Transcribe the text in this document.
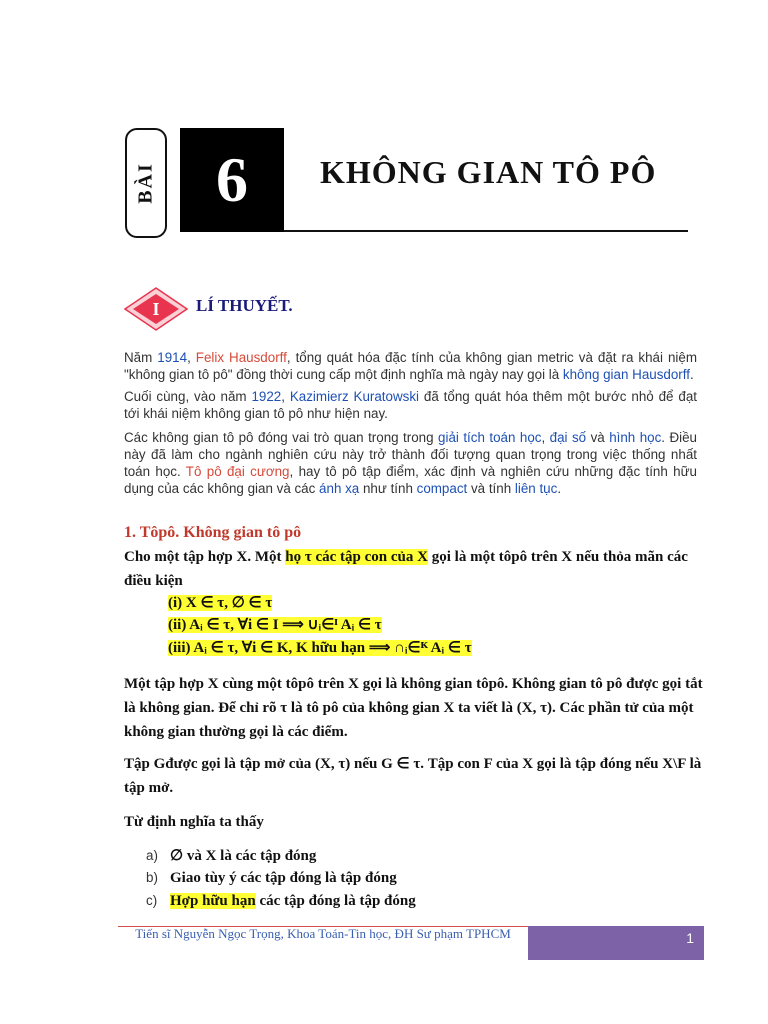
BÀI 6	KHÔNG GIAN TÔ PÔ
I	LÍ THUYẾT.
Năm 1914, Felix Hausdorff, tổng quát hóa đặc tính của không gian metric và đặt ra khái niệm "không gian tô pô" đồng thời cung cấp một định nghĩa mà ngày nay gọi là không gian Hausdorff.
Cuối cùng, vào năm 1922, Kazimierz Kuratowski đã tổng quát hóa thêm một bước nhỏ để đạt tới khái niệm không gian tô pô như hiện nay.
Các không gian tô pô đóng vai trò quan trọng trong giải tích toán học, đại số và hình học. Điều này đã làm cho ngành nghiên cứu này trở thành đối tượng quan trọng trong việc thống nhất toán học. Tô pô đại cương, hay tô pô tập điểm, xác định và nghiên cứu những đặc tính hữu dụng của các không gian và các ánh xạ như tính compact và tính liên tục.
1. Tôpô. Không gian tô pô
Cho một tập hợp X. Một họ τ các tập con của X gọi là một tôpô trên X nếu thỏa mãn các điều kiện
(i) X ∈ τ, ∅ ∈ τ
(ii) Aᵢ ∈ τ, ∀i ∈ I ⟹ ∪ᵢ∈ᴵ Aᵢ ∈ τ
(iii) Aᵢ ∈ τ, ∀i ∈ K, K hữu hạn ⟹ ∩ᵢ∈ᴷ Aᵢ ∈ τ
Một tập hợp X cùng một tôpô trên X gọi là không gian tôpô. Không gian tô pô được gọi tắt là không gian. Để chỉ rõ τ là tô pô của không gian X ta viết là (X, τ). Các phần tử của một không gian thường gọi là các điểm.
Tập Gđược gọi là tập mở của (X, τ) nếu G ∈ τ. Tập con F của X gọi là tập đóng nếu X\F là tập mở.
Từ định nghĩa ta thấy
a) ∅ và X là các tập đóng
b) Giao tùy ý các tập đóng là tập đóng
c) Hợp hữu hạn các tập đóng là tập đóng
Tiến sĩ Nguyễn Ngọc Trọng, Khoa Toán-Tin học, ĐH Sư phạm TPHCM	1
